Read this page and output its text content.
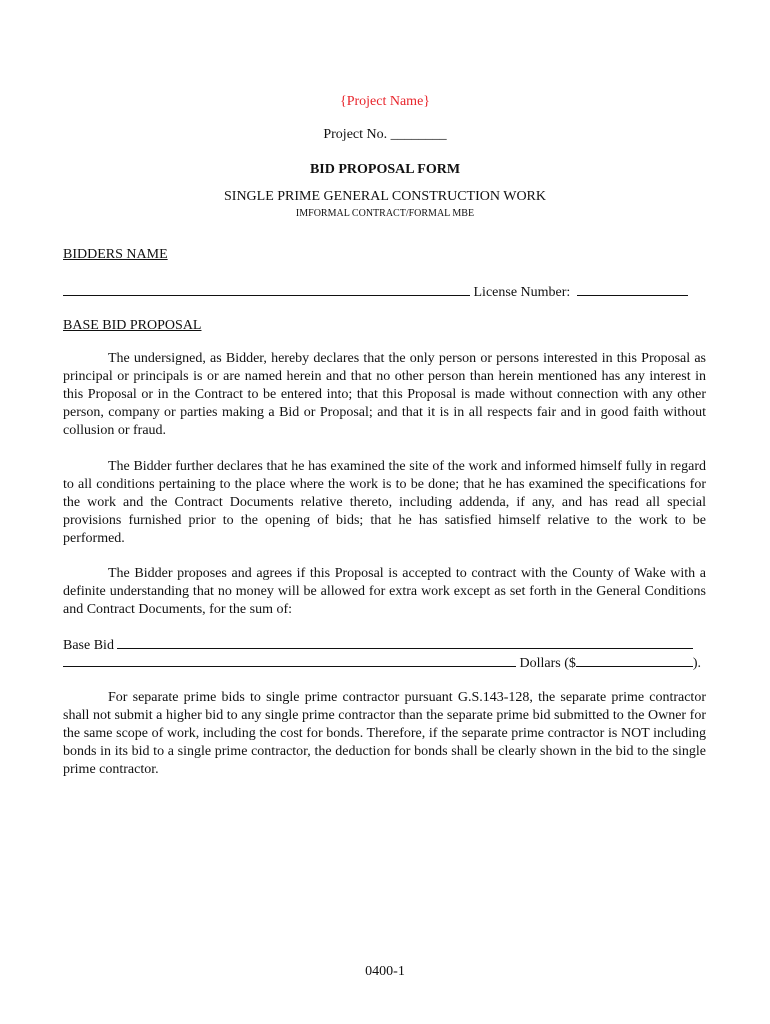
{Project Name}
Project No. ________
BID PROPOSAL FORM
SINGLE PRIME GENERAL CONSTRUCTION WORK
IMFORMAL CONTRACT/FORMAL MBE
BIDDERS NAME
License Number:
BASE BID PROPOSAL

The undersigned, as Bidder, hereby declares that the only person or persons interested in this Proposal as principal or principals is or are named herein and that no other person than herein mentioned has any interest in this Proposal or in the Contract to be entered into; that this Proposal is made without connection with any other person, company or parties making a Bid or Proposal; and that it is in all respects fair and in good faith without collusion or fraud.

The Bidder further declares that he has examined the site of the work and informed himself fully in regard to all conditions pertaining to the place where the work is to be done; that he has examined the specifications for the work and the Contract Documents relative thereto, including addenda, if any, and has read all special provisions furnished prior to the opening of bids; that he has satisfied himself relative to the work to be performed.

The Bidder proposes and agrees if this Proposal is accepted to contract with the County of Wake with a definite understanding that no money will be allowed for extra work except as set forth in the General Conditions and Contract Documents, for the sum of:

Base Bid
Dollars ($	).

For separate prime bids to single prime contractor pursuant G.S.143-128, the separate prime contractor shall not submit a higher bid to any single prime contractor than the separate prime bid submitted to the Owner for the same scope of work, including the cost for bonds. Therefore, if the separate prime contractor is NOT including bonds in its bid to a single prime contractor, the deduction for bonds shall be clearly shown in the bid to the single prime contractor.

0400-1
